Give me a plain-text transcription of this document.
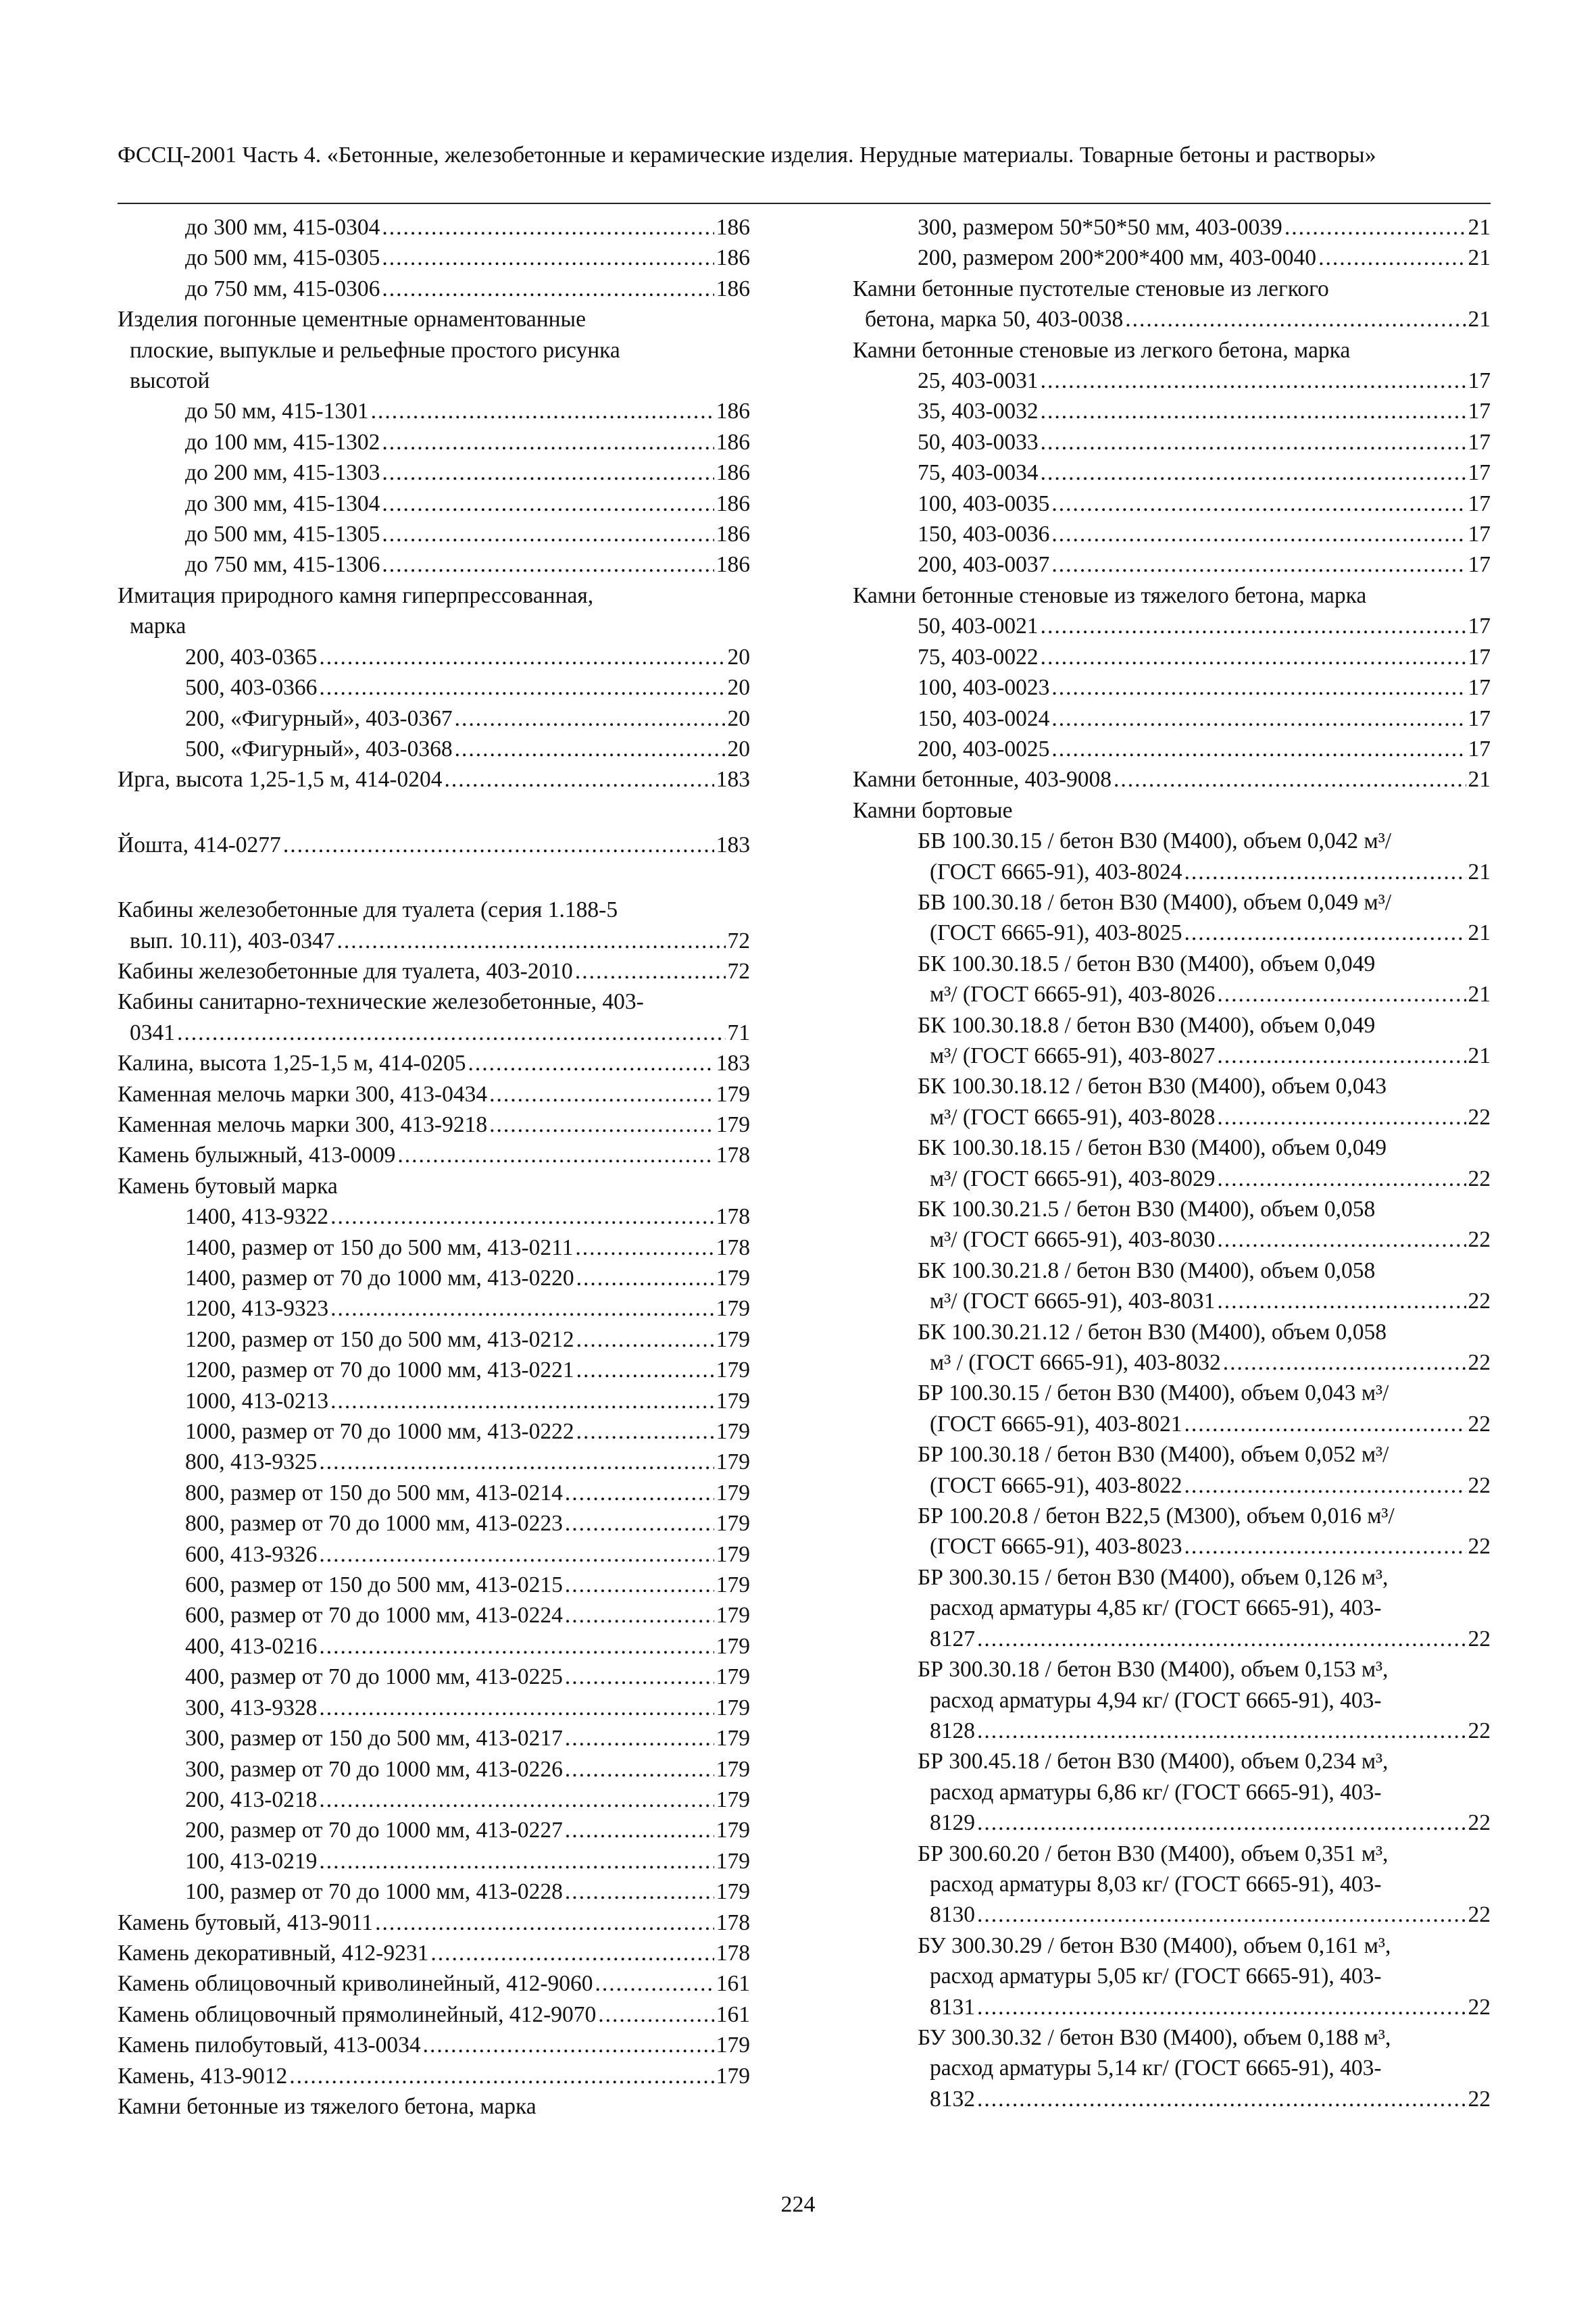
ФССЦ-2001 Часть 4. «Бетонные, железобетонные и керамические изделия. Нерудные материалы. Товарные бетоны и растворы»
до 300 мм, 415-0304 .....	186
до 500 мм, 415-0305 .....	186
до 750 мм, 415-0306 .....	186
Изделия погонные цементные орнаментованные
плоские, выпуклые и рельефные простого рисунка
высотой
до 50 мм, 415-1301 .....	186
до 100 мм, 415-1302 .....	186
до 200 мм, 415-1303 .....	186
до 300 мм, 415-1304 .....	186
до 500 мм, 415-1305 .....	186
до 750 мм, 415-1306 .....	186
Имитация природного камня гиперпрессованная,
марка
200, 403-0365 .....	20
500, 403-0366 .....	20
200, «Фигурный», 403-0367 .....	20
500, «Фигурный», 403-0368 .....	20
Ирга, высота 1,25-1,5 м, 414-0204 .....	183
Йошта, 414-0277 .....	183
Кабины железобетонные для туалета (серия 1.188-5
вып. 10.11), 403-0347 .....	72
Кабины железобетонные для туалета, 403-2010 .....	72
Кабины санитарно-технические железобетонные, 403-
0341 .....	71
Калина, высота 1,25-1,5 м, 414-0205 .....	183
Каменная мелочь марки 300, 413-0434 .....	179
Каменная мелочь марки 300, 413-9218 .....	179
Камень булыжный, 413-0009 .....	178
Камень бутовый марка
1400, 413-9322 .....	178
1400, размер от 150 до 500 мм, 413-0211 .....	178
1400, размер от 70 до 1000 мм, 413-0220 .....	179
1200, 413-9323 .....	179
1200, размер от 150 до 500 мм, 413-0212 .....	179
1200, размер от 70 до 1000 мм, 413-0221 .....	179
1000, 413-0213 .....	179
1000, размер от 70 до 1000 мм, 413-0222 .....	179
800, 413-9325 .....	179
800, размер от 150 до 500 мм, 413-0214 .....	179
800, размер от 70 до 1000 мм, 413-0223 .....	179
600, 413-9326 .....	179
600, размер от 150 до 500 мм, 413-0215 .....	179
600, размер от 70 до 1000 мм, 413-0224 .....	179
400, 413-0216 .....	179
400, размер от 70 до 1000 мм, 413-0225 .....	179
300, 413-9328 .....	179
300, размер от 150 до 500 мм, 413-0217 .....	179
300, размер от 70 до 1000 мм, 413-0226 .....	179
200, 413-0218 .....	179
200, размер от 70 до 1000 мм, 413-0227 .....	179
100, 413-0219 .....	179
100, размер от 70 до 1000 мм, 413-0228 .....	179
Камень бутовый, 413-9011 .....	178
Камень декоративный, 412-9231 .....	178
Камень облицовочный криволинейный, 412-9060 .....	161
Камень облицовочный прямолинейный, 412-9070 .....	161
Камень пилобутовый, 413-0034 .....	179
Камень, 413-9012 .....	179
Камни бетонные из тяжелого бетона, марка
300, размером 50*50*50 мм, 403-0039 .....	21
200, размером 200*200*400 мм, 403-0040 .....	21
Камни бетонные пустотелые стеновые из легкого
бетона, марка 50, 403-0038 .....	21
Камни бетонные стеновые из легкого бетона, марка
25, 403-0031 .....	17
35, 403-0032 .....	17
50, 403-0033 .....	17
75, 403-0034 .....	17
100, 403-0035 .....	17
150, 403-0036 .....	17
200, 403-0037 .....	17
Камни бетонные стеновые из тяжелого бетона, марка
50, 403-0021 .....	17
75, 403-0022 .....	17
100, 403-0023 .....	17
150, 403-0024 .....	17
200, 403-0025 .....	17
Камни бетонные, 403-9008 .....	21
Камни бортовые
БВ 100.30.15 / бетон В30 (М400), объем 0,042 м³/
(ГОСТ 6665-91), 403-8024 .....	21
БВ 100.30.18 / бетон В30 (М400), объем 0,049 м³/
(ГОСТ 6665-91), 403-8025 .....	21
БК 100.30.18.5 / бетон В30 (М400), объем 0,049
м³/ (ГОСТ 6665-91), 403-8026 .....	21
БК 100.30.18.8 / бетон В30 (М400), объем 0,049
м³/ (ГОСТ 6665-91), 403-8027 .....	21
БК 100.30.18.12 / бетон В30 (М400), объем 0,043
м³/ (ГОСТ 6665-91), 403-8028 .....	22
БК 100.30.18.15 / бетон В30 (М400), объем 0,049
м³/ (ГОСТ 6665-91), 403-8029 .....	22
БК 100.30.21.5 / бетон В30 (М400), объем 0,058
м³/ (ГОСТ 6665-91), 403-8030 .....	22
БК 100.30.21.8 / бетон В30 (М400), объем 0,058
м³/ (ГОСТ 6665-91), 403-8031 .....	22
БК 100.30.21.12 / бетон В30 (М400), объем 0,058
м³ / (ГОСТ 6665-91), 403-8032 .....	22
БР 100.30.15 / бетон В30 (М400), объем 0,043 м³/
(ГОСТ 6665-91), 403-8021 .....	22
БР 100.30.18 / бетон В30 (М400), объем 0,052 м³/
(ГОСТ 6665-91), 403-8022 .....	22
БР 100.20.8 / бетон В22,5 (М300), объем 0,016 м³/
(ГОСТ 6665-91), 403-8023 .....	22
БР 300.30.15 / бетон В30 (М400), объем 0,126 м³,
расход арматуры 4,85 кг/ (ГОСТ 6665-91), 403-
8127 .....	22
БР 300.30.18 / бетон В30 (М400), объем 0,153 м³,
расход арматуры 4,94 кг/ (ГОСТ 6665-91), 403-
8128 .....	22
БР 300.45.18 / бетон В30 (М400), объем 0,234 м³,
расход арматуры 6,86 кг/ (ГОСТ 6665-91), 403-
8129 .....	22
БР 300.60.20 / бетон В30 (М400), объем 0,351 м³,
расход арматуры 8,03 кг/ (ГОСТ 6665-91), 403-
8130 .....	22
БУ 300.30.29 / бетон В30 (М400), объем 0,161 м³,
расход арматуры 5,05 кг/ (ГОСТ 6665-91), 403-
8131 .....	22
БУ 300.30.32 / бетон В30 (М400), объем 0,188 м³,
расход арматуры 5,14 кг/ (ГОСТ 6665-91), 403-
8132 .....	22
224
